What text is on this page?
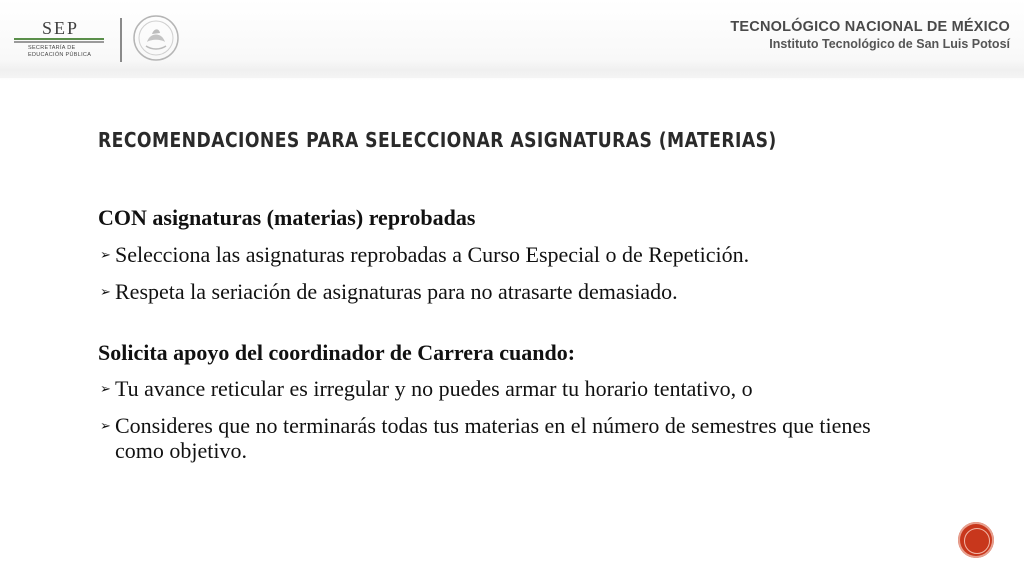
SEP
SECRETARÍA DE EDUCACIÓN PÚBLICA
TECNOLÓGICO NACIONAL DE MÉXICO
Instituto Tecnológico de San Luis Potosí
RECOMENDACIONES PARA SELECCIONAR ASIGNATURAS (MATERIAS)

CON asignaturas (materias) reprobadas

➢ Selecciona las asignaturas reprobadas a Curso Especial o de Repetición.

➢ Respeta la seriación de asignaturas para no atrasarte demasiado.

Solicita apoyo del coordinador de Carrera cuando:

➢ Tu avance reticular es irregular y no puedes armar tu horario tentativo, o

➢ Consideres que no terminarás todas tus materias en el número de semestres que tienes como objetivo.
